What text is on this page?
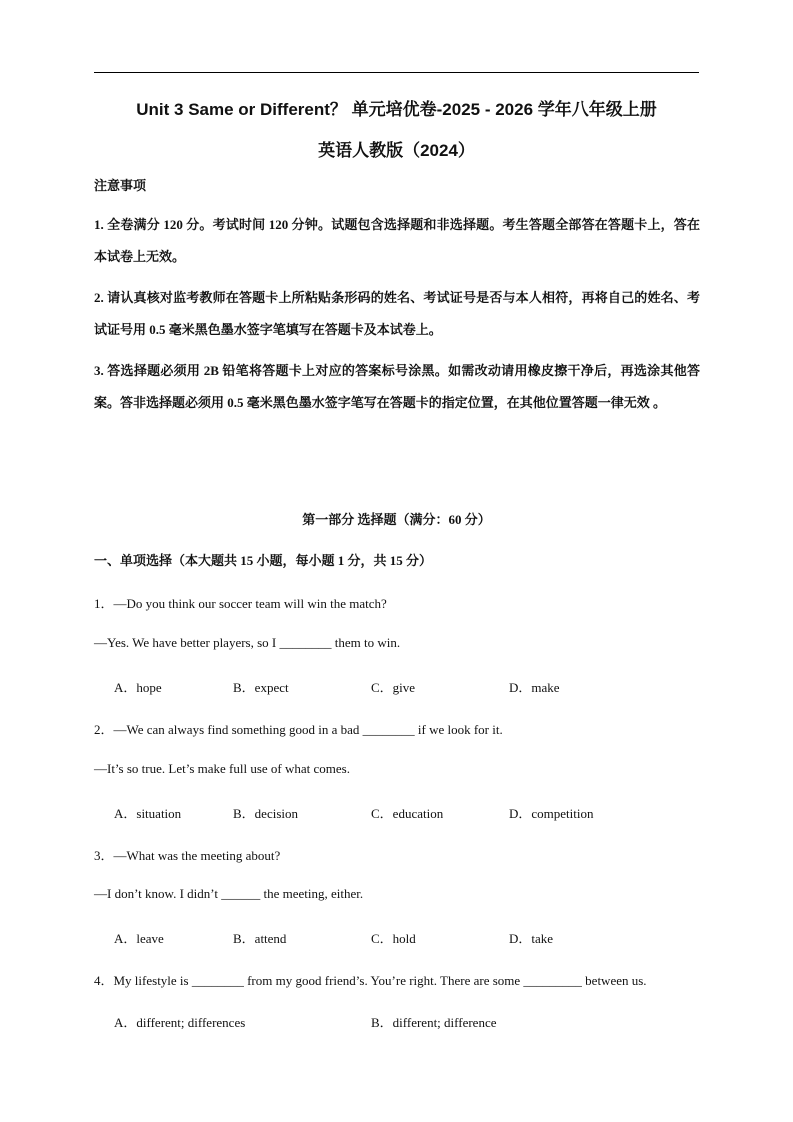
Unit 3 Same or Different？ 单元培优卷-2025 - 2026 学年八年级上册
英语人教版（2024）
注意事项
1. 全卷满分 120 分。考试时间 120 分钟。试题包含选择题和非选择题。考生答题全部答在答题卡上，答在本试卷上无效。
2. 请认真核对监考教师在答题卡上所粘贴条形码的姓名、考试证号是否与本人相符，再将自己的姓名、考试证号用 0.5 毫米黑色墨水签字笔填写在答题卡及本试卷上。
3. 答选择题必须用 2B 铅笔将答题卡上对应的答案标号涂黑。如需改动请用橡皮擦干净后，再选涂其他答案。答非选择题必须用 0.5 毫米黑色墨水签字笔写在答题卡的指定位置，在其他位置答题一律无效 。
第一部分 选择题（满分：60 分）
一、单项选择（本大题共 15 小题，每小题 1 分，共 15 分）
1．—Do you think our soccer team will win the match?
—Yes. We have better players, so I ________ them to win.
A．hope	B．expect	C．give	D．make
2．—We can always find something good in a bad ________ if we look for it.
—It’s so true. Let’s make full use of what comes.
A．situation	B．decision	C．education	D．competition
3．—What was the meeting about?
—I don’t know. I didn’t ______ the meeting, either.
A．leave	B．attend	C．hold	D．take
4．My lifestyle is ________ from my good friend’s. You’re right. There are some _________ between us.
A．different; differences	B．different; difference
